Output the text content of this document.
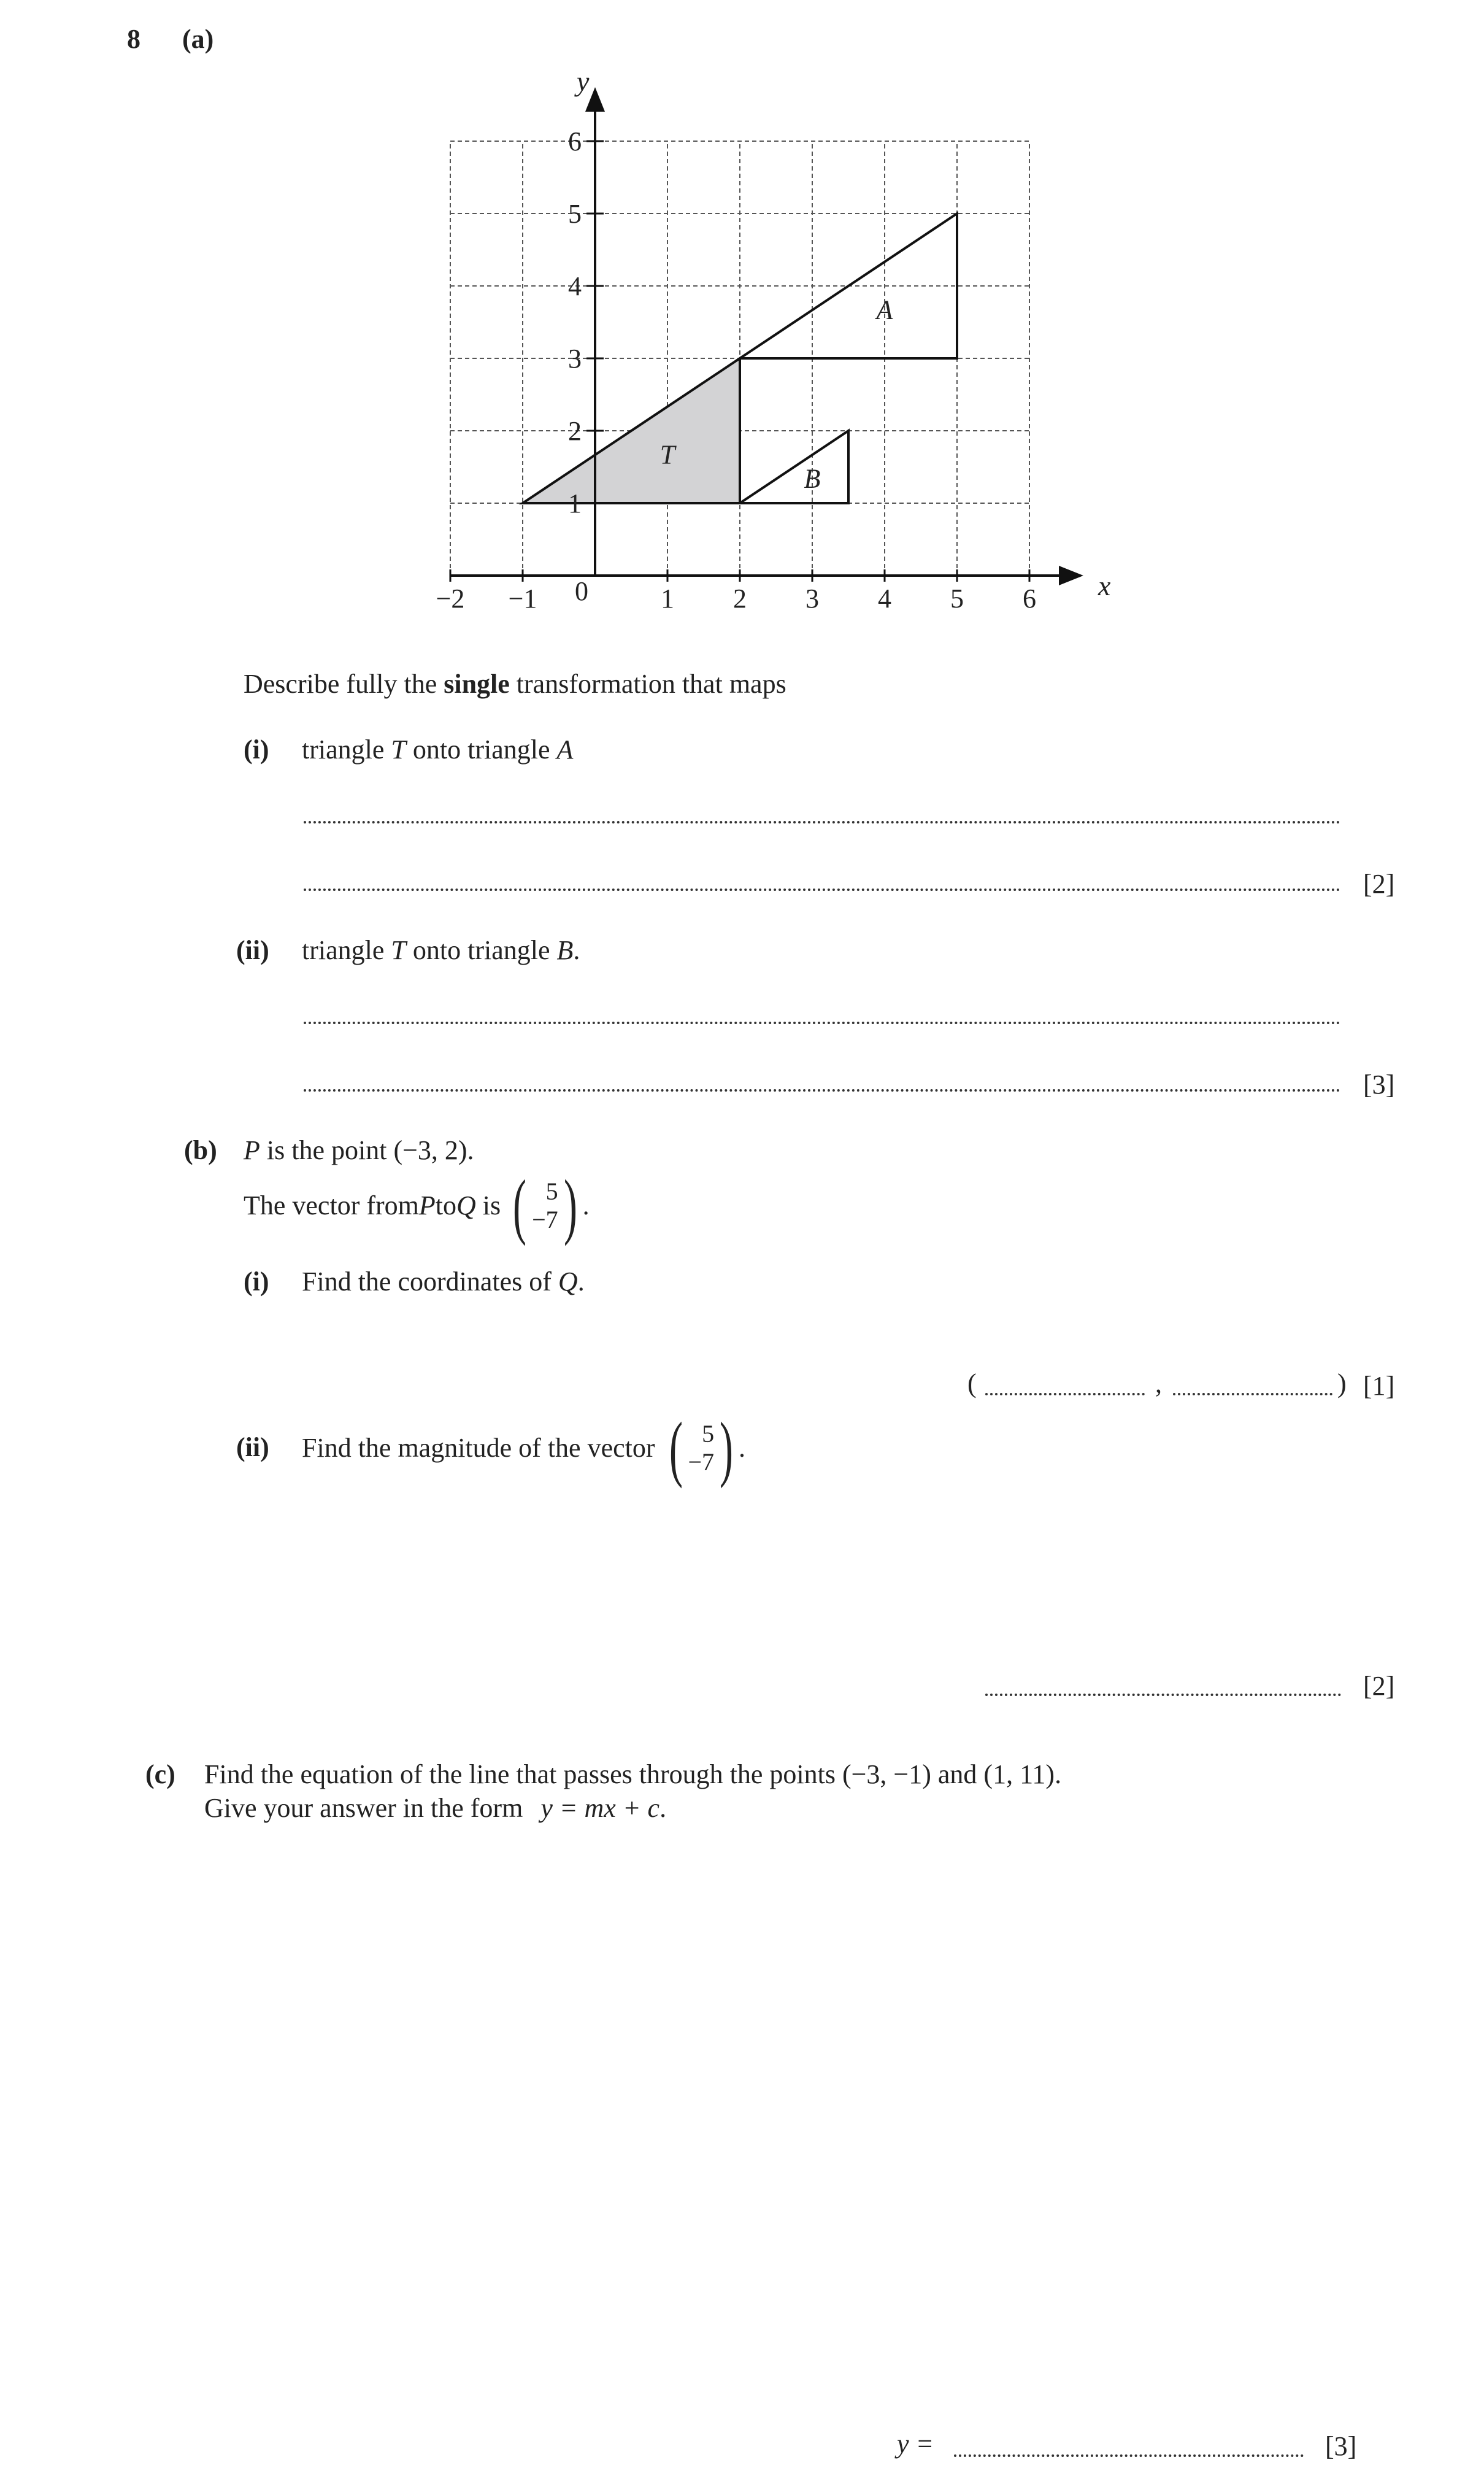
8 (a)
T
A
B
x
y
−2 −1 0	1 2 3 4 5 6
1
2
3
4
5
6
Describe fully the single transformation that maps
(i) triangle T onto triangle A
[2]
(ii) triangle T onto triangle B.
[3]
(b) P is the point (−3, 2).
The vector from P to Q is ( 5
−7 ) .
(i) Find the coordinates of Q.
(	,	) [1]
(ii) Find the magnitude of the vector ( 5
−7 ) .
[2]
(c) Find the equation of the line that passes through the points (−3, −1) and (1, 11).
Give your answer in the form y = mx + c.
y =	[3]
